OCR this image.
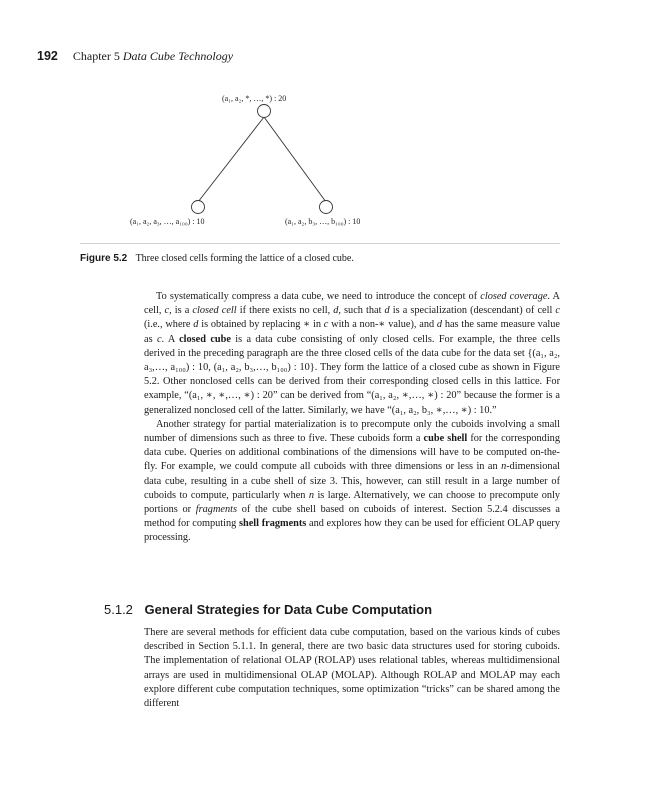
192 Chapter 5 Data Cube Technology
(a₁, a₂, *, …, *) : 20
(a₁, a₂, a₃, …, a₁₀₀) : 10	(a₁, a₂, b₃, …, b₁₀₀) : 10
Figure 5.2 Three closed cells forming the lattice of a closed cube.

To systematically compress a data cube, we need to introduce the concept of closed coverage. A cell, c, is a closed cell if there exists no cell, d, such that d is a specialization (descendant) of cell c (i.e., where d is obtained by replacing ∗ in c with a non-∗ value), and d has the same measure value as c. A closed cube is a data cube consisting of only closed cells. For example, the three cells derived in the preceding paragraph are the three closed cells of the data cube for the data set {(a₁, a₂, a₃,…, a₁₀₀) : 10, (a₁, a₂, b₃,…, b₁₀₀) : 10}. They form the lattice of a closed cube as shown in Figure 5.2. Other nonclosed cells can be derived from their corresponding closed cells in this lattice. For example, “(a₁, ∗, ∗,…, ∗) : 20” can be derived from “(a₁, a₂, ∗,…, ∗) : 20” because the former is a generalized nonclosed cell of the latter. Similarly, we have “(a₁, a₂, b₃, ∗,…, ∗) : 10.”

Another strategy for partial materialization is to precompute only the cuboids involving a small number of dimensions such as three to five. These cuboids form a cube shell for the corresponding data cube. Queries on additional combinations of the dimensions will have to be computed on-the-fly. For example, we could compute all cuboids with three dimensions or less in an n-dimensional data cube, resulting in a cube shell of size 3. This, however, can still result in a large number of cuboids to compute, particularly when n is large. Alternatively, we can choose to precompute only portions or fragments of the cube shell based on cuboids of interest. Section 5.2.4 discusses a method for computing shell fragments and explores how they can be used for efficient OLAP query processing.

5.1.2 General Strategies for Data Cube Computation

There are several methods for efficient data cube computation, based on the various kinds of cubes described in Section 5.1.1. In general, there are two basic data structures used for storing cuboids. The implementation of relational OLAP (ROLAP) uses relational tables, whereas multidimensional arrays are used in multidimensional OLAP (MOLAP). Although ROLAP and MOLAP may each explore different cube computation techniques, some optimization “tricks” can be shared among the different
